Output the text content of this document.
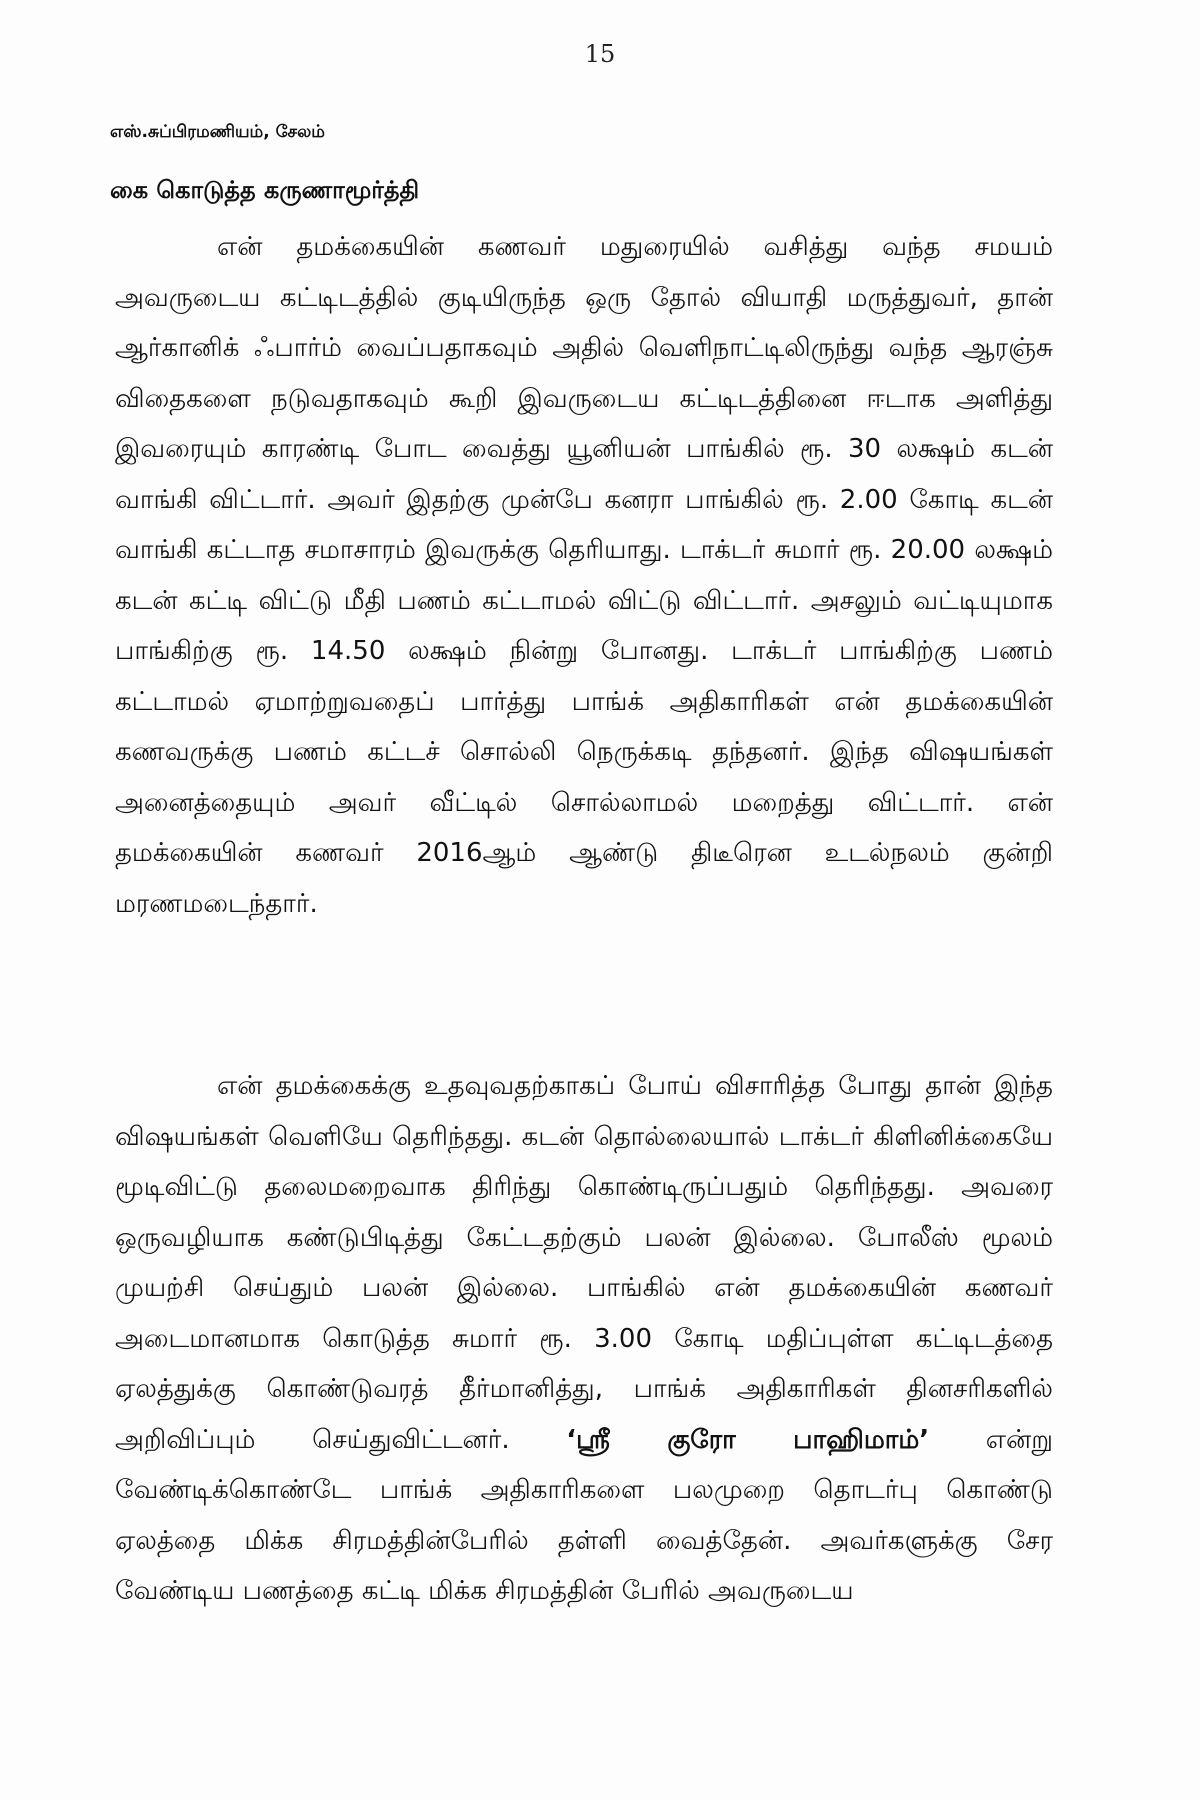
15
எஸ்.சுப்பிரமணியம், சேலம்
கை கொடுத்த கருணாமூர்த்தி

என் தமக்கையின் கணவர் மதுரையில் வசித்து வந்த சமயம் அவருடைய கட்டிடத்தில் குடியிருந்த ஒரு தோல் வியாதி மருத்துவர், தான் ஆர்கானிக் ஃபார்ம் வைப்பதாகவும் அதில் வெளிநாட்டிலிருந்து வந்த ஆரஞ்சு விதைகளை நடுவதாகவும் கூறி இவருடைய கட்டிடத்தினை ஈடாக அளித்து இவரையும் காரண்டி போட வைத்து யூனியன் பாங்கில் ரூ. 30 லக்ஷம் கடன் வாங்கி விட்டார். அவர் இதற்கு முன்பே கனரா பாங்கில் ரூ. 2.00 கோடி கடன் வாங்கி கட்டாத சமாசாரம் இவருக்கு தெரியாது. டாக்டர் சுமார் ரூ. 20.00 லக்ஷம் கடன் கட்டி விட்டு மீதி பணம் கட்டாமல் விட்டு விட்டார். அசலும் வட்டியுமாக பாங்கிற்கு ரூ. 14.50 லக்ஷம் நின்று போனது. டாக்டர் பாங்கிற்கு பணம் கட்டாமல் ஏமாற்றுவதைப் பார்த்து பாங்க் அதிகாரிகள் என் தமக்கையின் கணவருக்கு பணம் கட்டச் சொல்லி நெருக்கடி தந்தனர். இந்த விஷயங்கள் அனைத்தையும் அவர் வீட்டில் சொல்லாமல் மறைத்து விட்டார். என் தமக்கையின் கணவர் 2016ஆம் ஆண்டு திடீரென உடல்நலம் குன்றி மரணமடைந்தார்.

என் தமக்கைக்கு உதவுவதற்காகப் போய் விசாரித்த போது தான் இந்த விஷயங்கள் வெளியே தெரிந்தது. கடன் தொல்லையால் டாக்டர் கிளினிக்கையே மூடிவிட்டு தலைமறைவாக திரிந்து கொண்டிருப்பதும் தெரிந்தது. அவரை ஒருவழியாக கண்டுபிடித்து கேட்டதற்கும் பலன் இல்லை. போலீஸ் மூலம் முயற்சி செய்தும் பலன் இல்லை. பாங்கில் என் தமக்கையின் கணவர் அடைமானமாக கொடுத்த சுமார் ரூ. 3.00 கோடி மதிப்புள்ள கட்டிடத்தை ஏலத்துக்கு கொண்டுவரத் தீர்மானித்து, பாங்க் அதிகாரிகள் தினசரிகளில் அறிவிப்பும் செய்துவிட்டனர். ‘ஸ்ரீ குரோ பாஹிமாம்’ என்று வேண்டிக்கொண்டே பாங்க் அதிகாரிகளை பலமுறை தொடர்பு கொண்டு ஏலத்தை மிக்க சிரமத்தின்பேரில் தள்ளி வைத்தேன். அவர்களுக்கு சேர வேண்டிய பணத்தை கட்டி மிக்க சிரமத்தின் பேரில் அவருடைய
